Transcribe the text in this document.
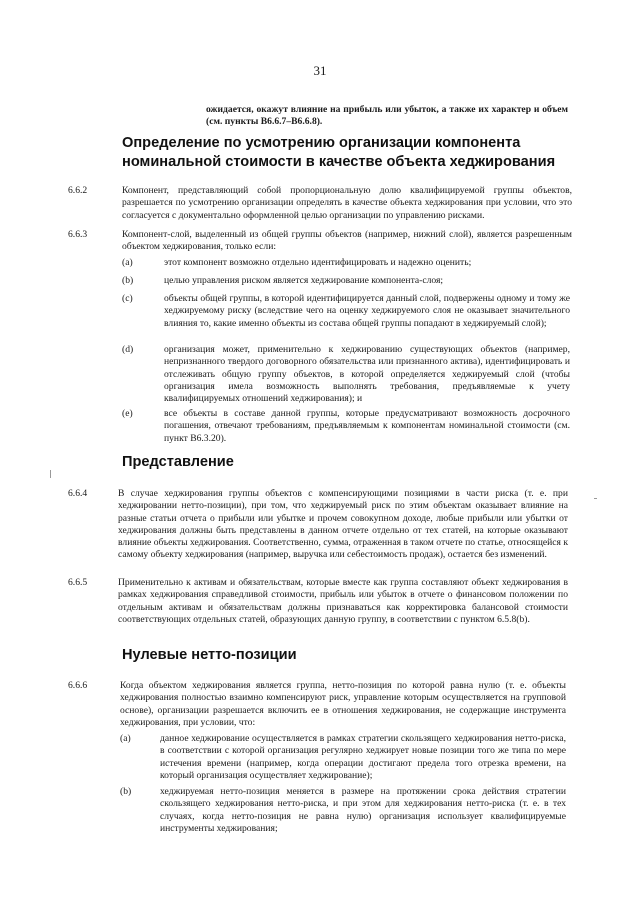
31
ожидается, окажут влияние на прибыль или убыток, а также их характер и объем (см. пункты B6.6.7–B6.6.8).
Определение по усмотрению организации компонента номинальной стоимости в качестве объекта хеджирования
6.6.2	Компонент, представляющий собой пропорциональную долю квалифицируемой группы объектов, разрешается по усмотрению организации определять в качестве объекта хеджирования при условии, что это согласуется с документально оформленной целью организации по управлению рисками.
6.6.3	Компонент-слой, выделенный из общей группы объектов (например, нижний слой), является разрешенным объектом хеджирования, только если:
(a)	этот компонент возможно отдельно идентифицировать и надежно оценить;
(b)	целью управления риском является хеджирование компонента-слоя;
(c)	объекты общей группы, в которой идентифицируется данный слой, подвержены одному и тому же хеджируемому риску (вследствие чего на оценку хеджируемого слоя не оказывает значительного влияния то, какие именно объекты из состава общей группы попадают в хеджируемый слой);
(d)	организация может, применительно к хеджированию существующих объектов (например, непризнанного твердого договорного обязательства или признанного актива), идентифицировать и отслеживать общую группу объектов, в которой определяется хеджируемый слой (чтобы организация имела возможность выполнять требования, предъявляемые к учету квалифицируемых отношений хеджирования); и
(e)	все объекты в составе данной группы, которые предусматривают возможность досрочного погашения, отвечают требованиям, предъявляемым к компонентам номинальной стоимости (см. пункт B6.3.20).
Представление
6.6.4	В случае хеджирования группы объектов с компенсирующими позициями в части риска (т. е. при хеджировании нетто-позиции), при том, что хеджируемый риск по этим объектам оказывает влияние на разные статьи отчета о прибыли или убытке и прочем совокупном доходе, любые прибыли или убытки от хеджирования должны быть представлены в данном отчете отдельно от тех статей, на которые оказывают влияние объекты хеджирования. Соответственно, сумма, отраженная в таком отчете по статье, относящейся к самому объекту хеджирования (например, выручка или себестоимость продаж), остается без изменений.
6.6.5	Применительно к активам и обязательствам, которые вместе как группа составляют объект хеджирования в рамках хеджирования справедливой стоимости, прибыль или убыток в отчете о финансовом положении по отдельным активам и обязательствам должны признаваться как корректировка балансовой стоимости соответствующих отдельных статей, образующих данную группу, в соответствии с пунктом 6.5.8(b).
Нулевые нетто-позиции
6.6.6	Когда объектом хеджирования является группа, нетто-позиция по которой равна нулю (т. е. объекты хеджирования полностью взаимно компенсируют риск, управление которым осуществляется на групповой основе), организации разрешается включить ее в отношения хеджирования, не содержащие инструмента хеджирования, при условии, что:
(a)	данное хеджирование осуществляется в рамках стратегии скользящего хеджирования нетто-риска, в соответствии с которой организация регулярно хеджирует новые позиции того же типа по мере истечения времени (например, когда операции достигают предела того отрезка времени, на который организация осуществляет хеджирование);
(b)	хеджируемая нетто-позиция меняется в размере на протяжении срока действия стратегии скользящего хеджирования нетто-риска, и при этом для хеджирования нетто-риска (т. е. в тех случаях, когда нетто-позиция не равна нулю) организация использует квалифицируемые инструменты хеджирования;
